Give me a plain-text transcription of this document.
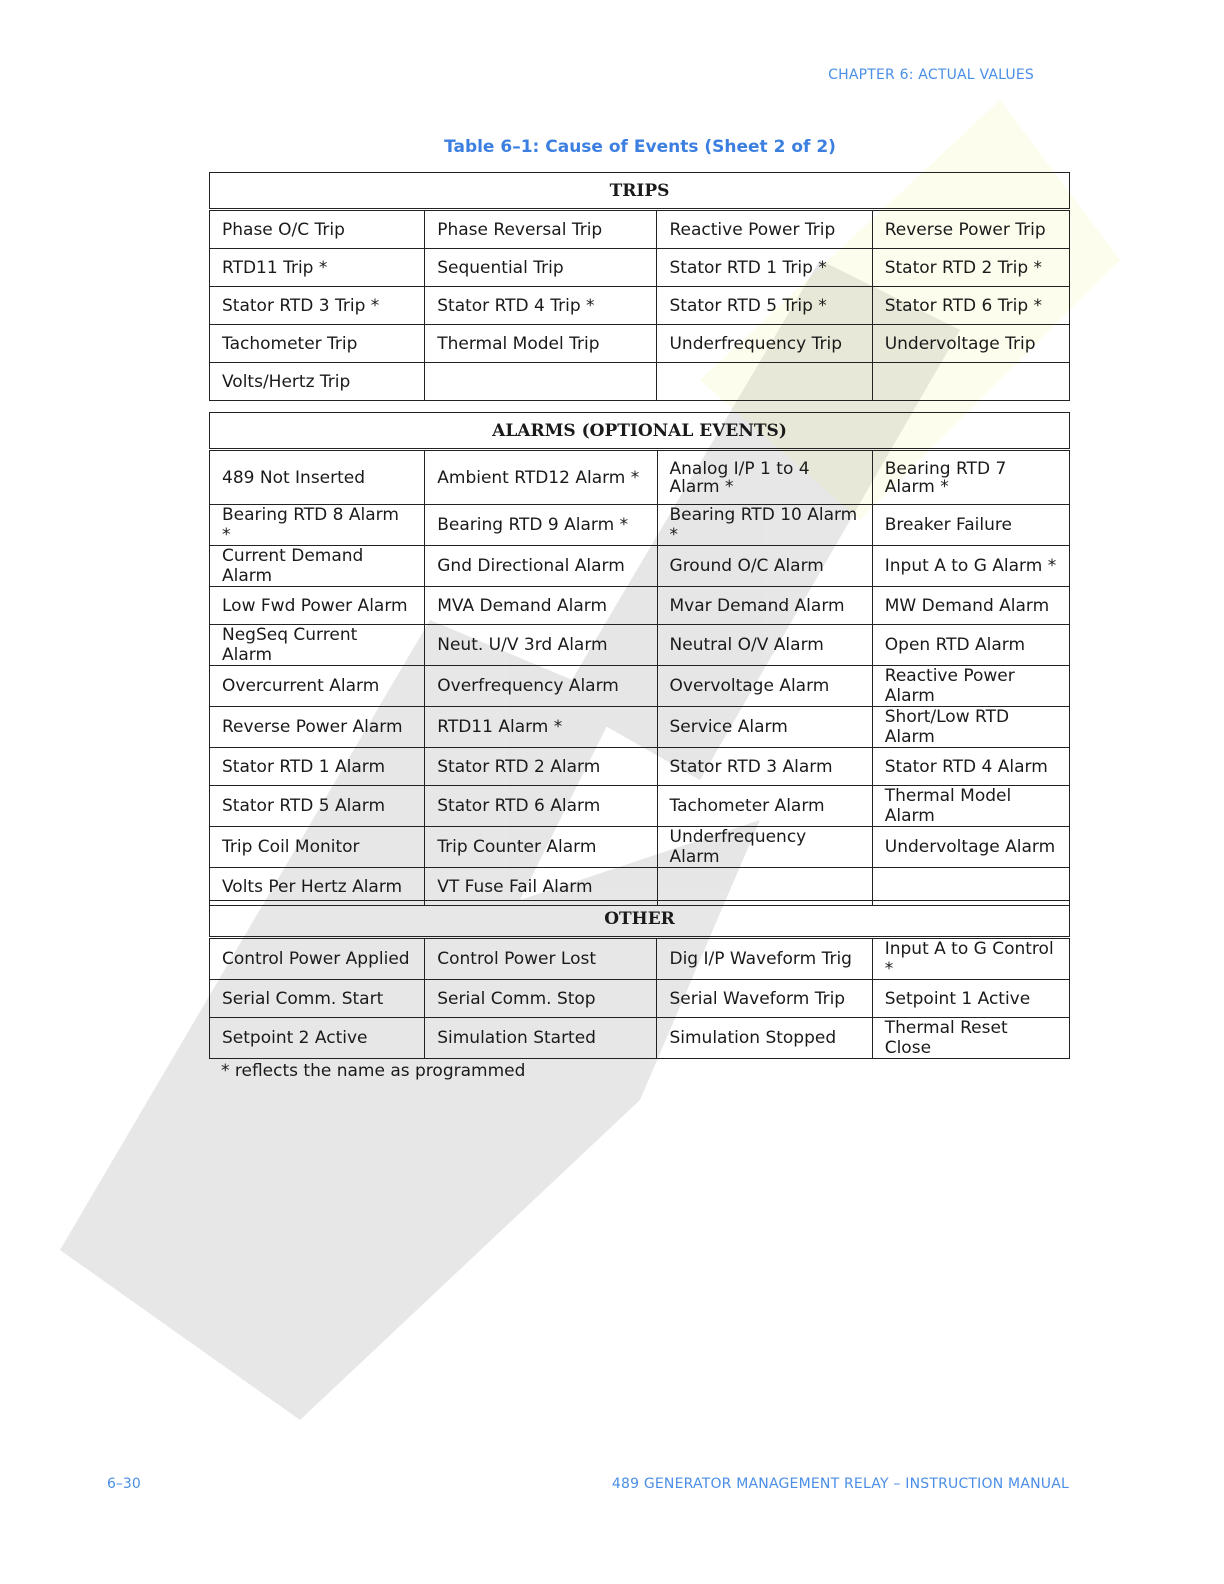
CHAPTER 6: ACTUAL VALUES
Table 6–1: Cause of Events (Sheet 2 of 2)
TRIPS			
Phase O/C Trip	Phase Reversal Trip	Reactive Power Trip	Reverse Power Trip
RTD11 Trip *	Sequential Trip	Stator RTD 1 Trip *	Stator RTD 2 Trip *
Stator RTD 3 Trip *	Stator RTD 4 Trip *	Stator RTD 5 Trip *	Stator RTD 6 Trip *
Tachometer Trip	Thermal Model Trip	Underfrequency Trip	Undervoltage Trip
Volts/Hertz Trip			
ALARMS (OPTIONAL EVENTS)			
489 Not Inserted	Ambient RTD12 Alarm *	Analog I/P 1 to 4 Alarm *	Bearing RTD 7 Alarm *
Bearing RTD 8 Alarm *	Bearing RTD 9 Alarm *	Bearing RTD 10 Alarm *	Breaker Failure
Current Demand Alarm	Gnd Directional Alarm	Ground O/C Alarm	Input A to G Alarm *
Low Fwd Power Alarm	MVA Demand Alarm	Mvar Demand Alarm	MW Demand Alarm
NegSeq Current Alarm	Neut. U/V 3rd Alarm	Neutral O/V Alarm	Open RTD Alarm
Overcurrent Alarm	Overfrequency Alarm	Overvoltage Alarm	Reactive Power Alarm
Reverse Power Alarm	RTD11 Alarm *	Service Alarm	Short/Low RTD Alarm
Stator RTD 1 Alarm	Stator RTD 2 Alarm	Stator RTD 3 Alarm	Stator RTD 4 Alarm
Stator RTD 5 Alarm	Stator RTD 6 Alarm	Tachometer Alarm	Thermal Model Alarm
Trip Coil Monitor	Trip Counter Alarm	Underfrequency Alarm	Undervoltage Alarm
Volts Per Hertz Alarm	VT Fuse Fail Alarm		
OTHER			
Control Power Applied	Control Power Lost	Dig I/P Waveform Trig	Input A to G Control *
Serial Comm. Start	Serial Comm. Stop	Serial Waveform Trip	Setpoint 1 Active
Setpoint 2 Active	Simulation Started	Simulation Stopped	Thermal Reset Close
* reflects the name as programmed
6–30	489 GENERATOR MANAGEMENT RELAY – INSTRUCTION MANUAL
